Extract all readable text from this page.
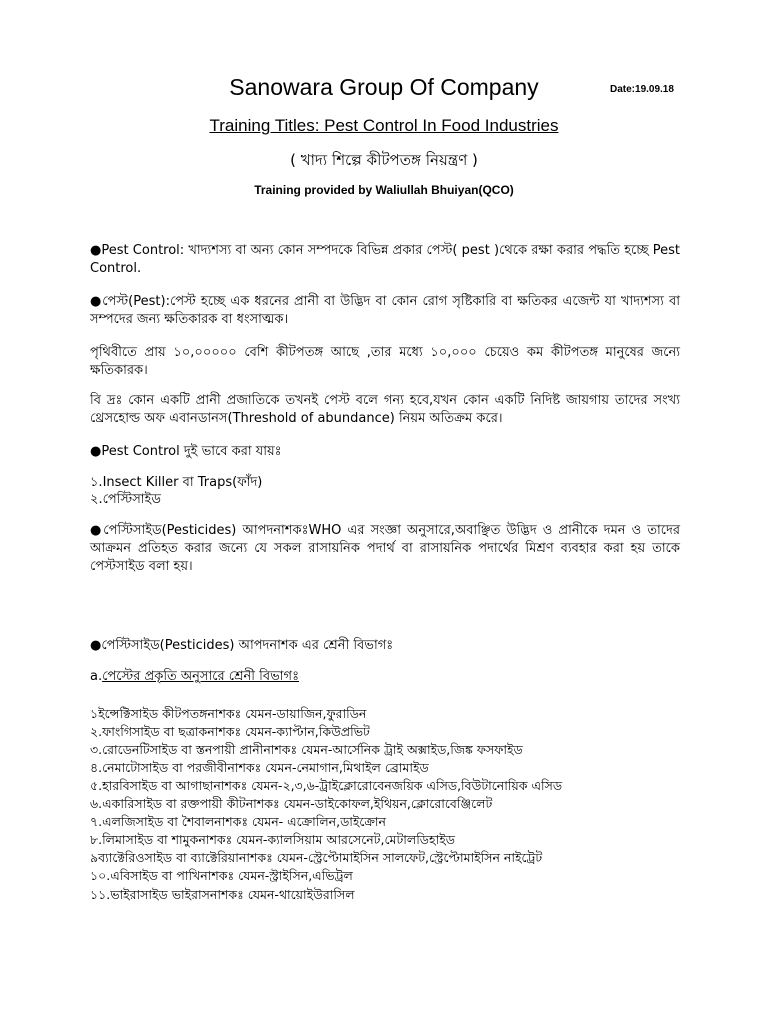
Sanowara Group Of Company	Date:19.09.18
Training Titles: Pest Control In Food Industries
( খাদ্য শিল্পে কীটপতঙ্গ নিয়ন্ত্রণ )
Training provided by Waliullah Bhuiyan(QCO)
●Pest Control: খাদ্যশস্য বা অন্য কোন সম্পদকে বিভিন্ন প্রকার পেস্ট( pest )থেকে রক্ষা করার পদ্ধতি হচ্ছে Pest Control.
●পেস্ট(Pest):পেস্ট হচ্ছে এক ধরনের প্রানী বা উদ্ভিদ বা কোন রোগ সৃষ্টিকারি বা ক্ষতিকর এজেন্ট যা খাদ্যশস্য বা সম্পদের জন্য ক্ষতিকারক বা ধংসাত্মক।
পৃথিবীতে প্রায় ১০,০০০০০ বেশি কীটপতঙ্গ আছে ,তার মধ্যে ১০,০০০ চেয়েও কম কীটপতঙ্গ মানুষের জন্যে ক্ষতিকারক।
বি দ্রঃ কোন একটি প্রানী প্রজাতিকে তখনই পেস্ট বলে গন্য হবে,যখন কোন একটি নিদিষ্ট জায়গায় তাদের সংখ্য থ্রেসহোল্ড অফ এবানডানস(Threshold of abundance) নিয়ম অতিক্রম করে।
●Pest Control দুই ভাবে করা যায়ঃ
১.Insect Killer বা Traps(ফাঁদ)
২.পেস্টিসাইড
●পেস্টিসাইড(Pesticides) আপদনাশকঃWHO এর সংজ্ঞা অনুসারে,অবাঞ্ছিত উদ্ভিদ ও প্রানীকে দমন ও তাদের আক্রমন প্রতিহত করার জন্যে যে সকল রাসায়নিক পদার্থ বা রাসায়নিক পদার্থের মিশ্রণ ব্যবহার করা হয় তাকে পেস্টসাইড বলা হয়।
●পেস্টিসাইড(Pesticides) আপদনাশক এর শ্রেনী বিভাগঃ
a.পেস্টের প্রকৃতি অনুসারে শ্রেনী বিভাগঃ
১ইন্সেক্টিসাইড কীটপতঙ্গনাশকঃ যেমন-ডায়াজিন,ফুরাডিন
২.ফাংগিসাইড বা ছত্রাকনাশকঃ যেমন-ক্যাপ্টান,কিউপ্রভিট
৩.রোডেনটিসাইড বা স্তনপায়ী প্রানীনাশকঃ যেমন-আর্সেনিক ট্রাই অক্সাইড,জিঙ্ক ফসফাইড
৪.নেমাটোসাইড বা পরজীবীনাশকঃ যেমন-নেমাগান,মিথাইল ব্রোমাইড
৫.হারবিসাইড বা আগাছানাশকঃ যেমন-২,৩,৬-ট্রাইক্লোরোবেনজয়িক এসিড,বিউটানোয়িক এসিড
৬.একারিসাইড বা রক্তপায়ী কীটনাশকঃ যেমন-ডাইকোফল,ইথিয়ন,ক্লোরোবেঞ্জিলেট
৭.এলজিসাইড বা শৈবালনাশকঃ যেমন- এক্রোলিন,ডাইক্রোন
৮.লিমাসাইড বা শামুকনাশকঃ যেমন-ক্যালসিয়াম আরসেনেট,মেটালডিহাইড
৯ব্যাক্টেরিওসাইড বা ব্যাক্টেরিয়ানাশকঃ যেমন-স্ট্রেপ্টোমাইসিন সালফেট,স্ট্রেপ্টোমাইসিন নাইট্রেট
১০.এবিসাইড বা পাখিনাশকঃ যেমন-স্ট্রাইসিন,এভিট্রল
১১.ভাইরাসাইড ভাইরাসনাশকঃ যেমন-থায়োইউরাসিল
